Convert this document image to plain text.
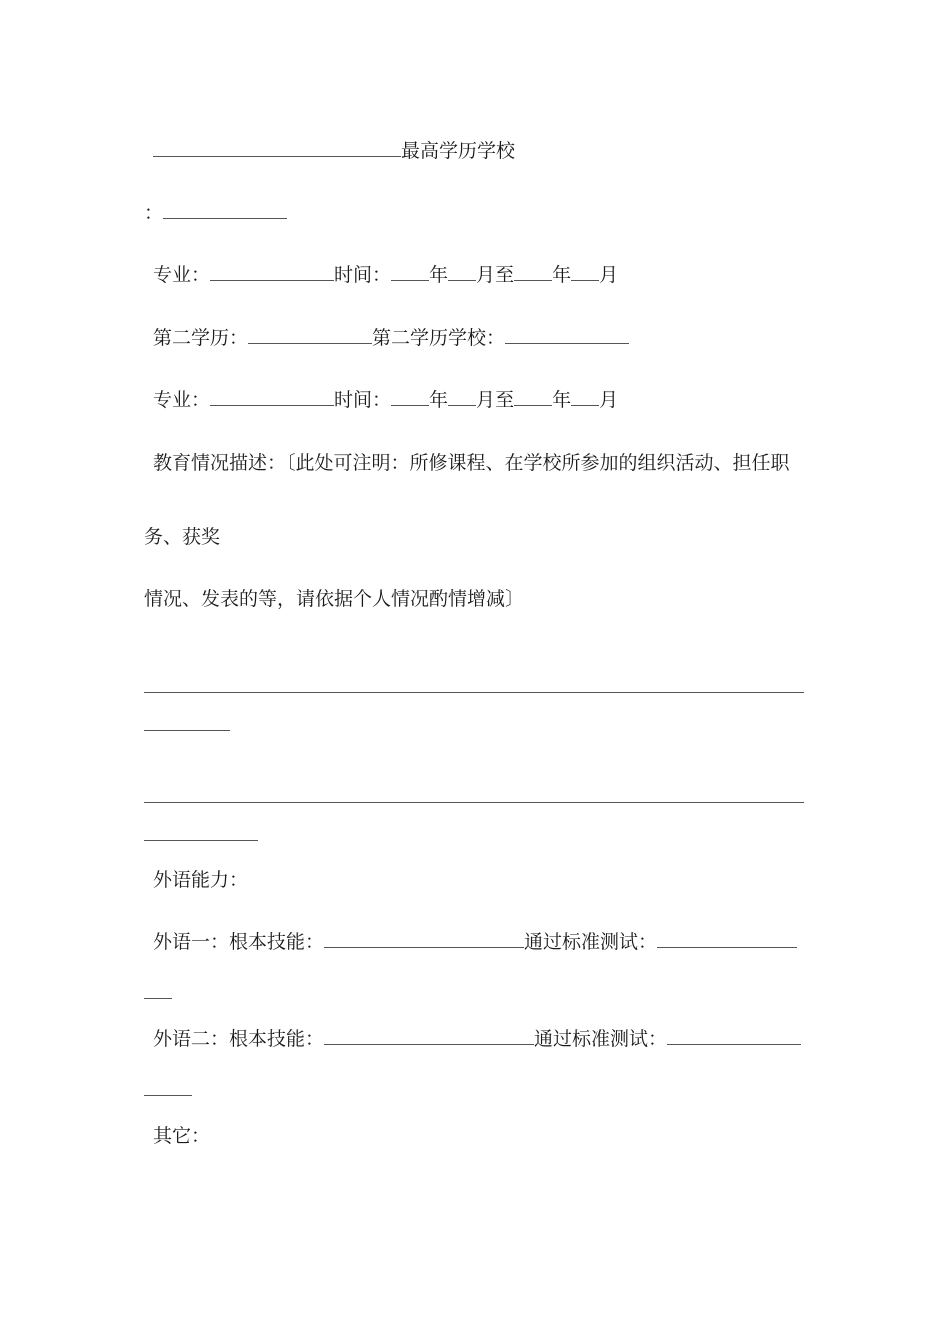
最高学历学校
：
专业：	时间： 年 月至 年 月
第二学历：	第二学历学校：
专业：	时间： 年 月至 年 月
教育情况描述：〔此处可注明：所修课程、在学校所参加的组织活动、担任职
务、获奖
情况、发表的等，请依据个人情况酌情增减〕
外语能力：
外语一：根本技能：	通过标准测试：
外语二：根本技能：	通过标准测试：
其它：
